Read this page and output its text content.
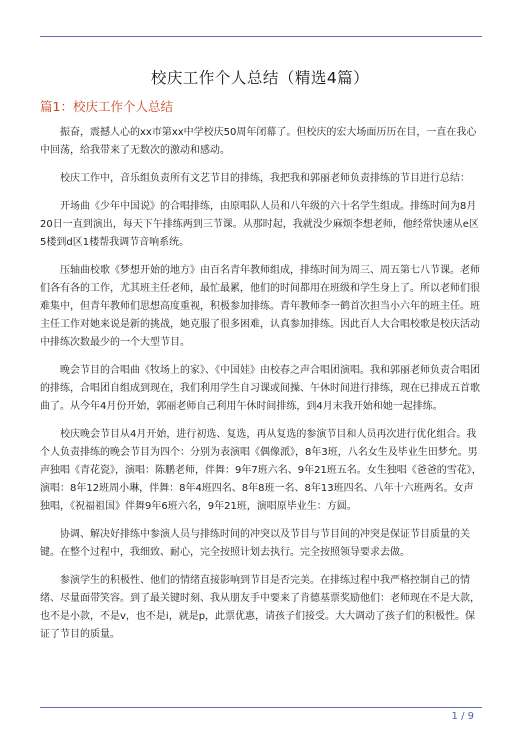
校庆工作个人总结（精选4篇）
篇1：校庆工作个人总结

　　振奋，震撼人心的xx市第xx中学校庆50周年闭幕了。但校庆的宏大场面历历在目，一直在我心中回荡，给我带来了无数次的激动和感动。

　　校庆工作中，音乐组负责所有文艺节目的排练，我把我和郭丽老师负责排练的节目进行总结：

　　开场曲《少年中国说》的合唱排练，由原唱队人员和八年级的六十名学生组成。排练时间为8月20日一直到演出，每天下午排练两到三节课。从那时起，我就没少麻烦李想老师，他经常快速从e区5楼到d区1楼帮我调节音响系统。

　　压轴曲校歌《梦想开始的地方》由百名青年教师组成，排练时间为周三、周五第七八节课。老师们各有各的工作，尤其班主任老师，最忙最累，他们的时间都用在班级和学生身上了。所以老师们很难集中，但青年教师们思想高度重视，积极参加排练。青年教师李一鹤首次担当小六年的班主任。班主任工作对她来说是新的挑战，她克服了很多困难，认真参加排练。因此百人大合唱校歌是校庆活动中排练次数最少的一个大型节目。

　　晚会节目的合唱曲《牧场上的家》、《中国娃》由校春之声合唱团演唱。我和郭丽老师负责合唱团的排练，合唱团自组成到现在，我们利用学生自习课或间操、午休时间进行排练，现在已排成五首歌曲了。从今年4月份开始，郭丽老师自己利用午休时间排练，到4月末我开始和她一起排练。

　　校庆晚会节目从4月开始，进行初选、复选，再从复选的参演节目和人员再次进行优化组合。我个人负责排练的晚会节目为四个：分别为表演唱《偶像派》，8年3班，八名女生及毕业生田梦允。男声独唱《青花瓷》，演唱：陈鹏老师，伴舞：9年7班六名、9年21班五名。女生独唱《爸爸的雪花》，演唱：8年12班周小琳，伴舞：8年4班四名、8年8班一名、8年13班四名、八年十六班两名。女声独唱，《祝福祖国》伴舞9年6班六名，9年21班，演唱原毕业生：方圆。

　　协调、解决好排练中参演人员与排练时间的冲突以及节目与节目间的冲突是保证节目质量的关键。在整个过程中，我细致、耐心，完全按照计划去执行。完全按照领导要求去做。

　　参演学生的积极性、他们的情绪直接影响到节目是否完美。在排练过程中我严格控制自己的情绪、尽量面带笑容。到了最关键时刻、我从朋友手中要来了肯德基票奖励他们：老师现在不是大款，也不是小款，不是v，也不是i，就是p，此票优惠，请孩子们接受。大大调动了孩子们的积极性。保证了节目的质量。

1 / 9
